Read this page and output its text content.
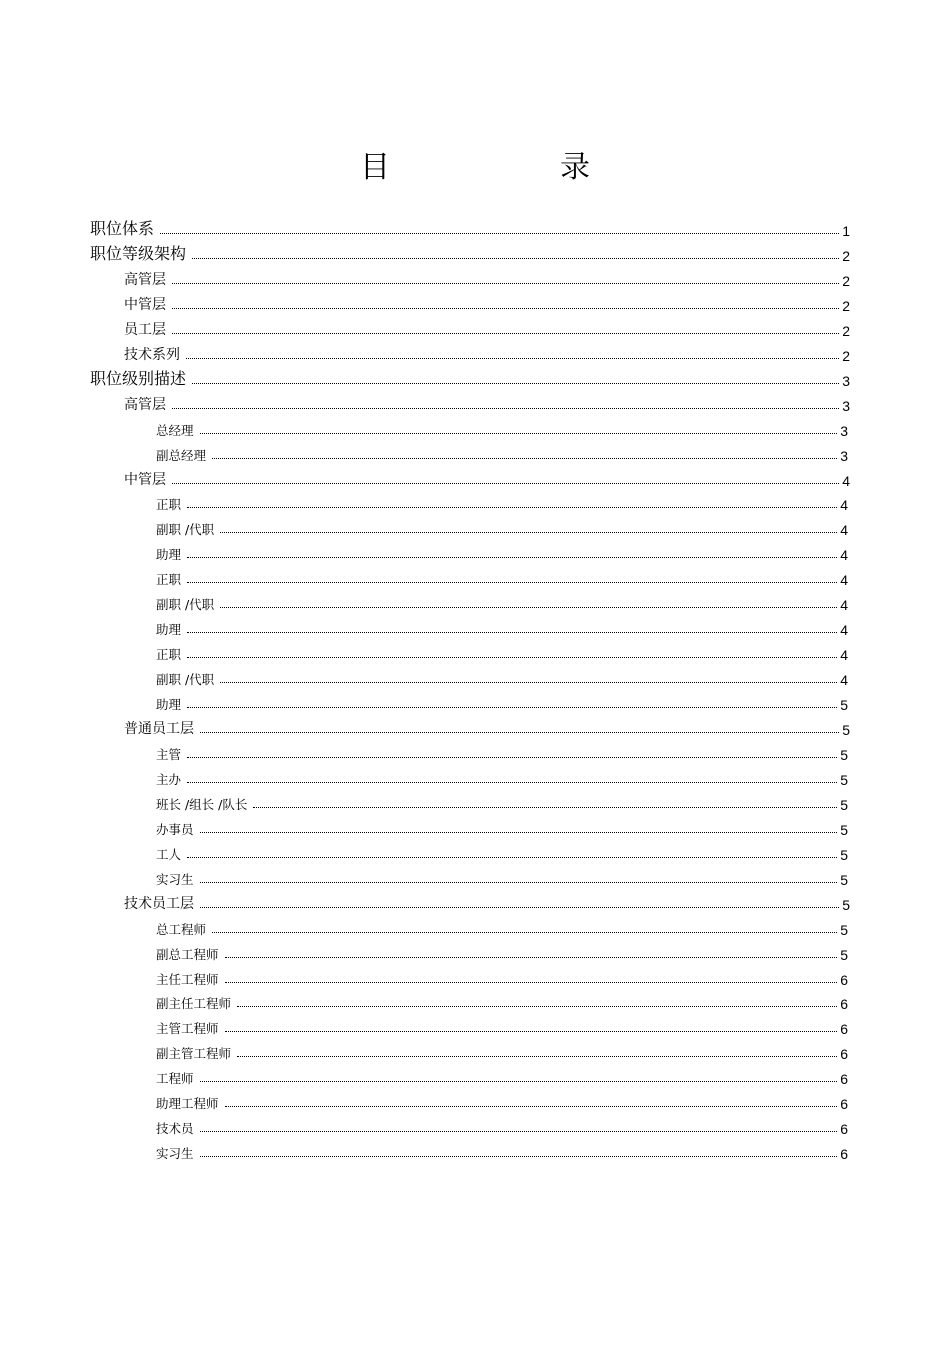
目　录
职位体系	1
职位等级架构	2
高管层	2
中管层	2
员工层	2
技术系列	2
职位级别描述	3
高管层	3
总经理	3
副总经理	3
中管层	4
正职	4
副职 /代职	4
助理	4
正职	4
副职 /代职	4
助理	4
正职	4
副职 /代职	4
助理	5
普通员工层	5
主管	5
主办	5
班长 /组长 /队长	5
办事员	5
工人	5
实习生	5
技术员工层	5
总工程师	5
副总工程师	5
主任工程师	6
副主任工程师	6
主管工程师	6
副主管工程师	6
工程师	6
助理工程师	6
技术员	6
实习生	6
